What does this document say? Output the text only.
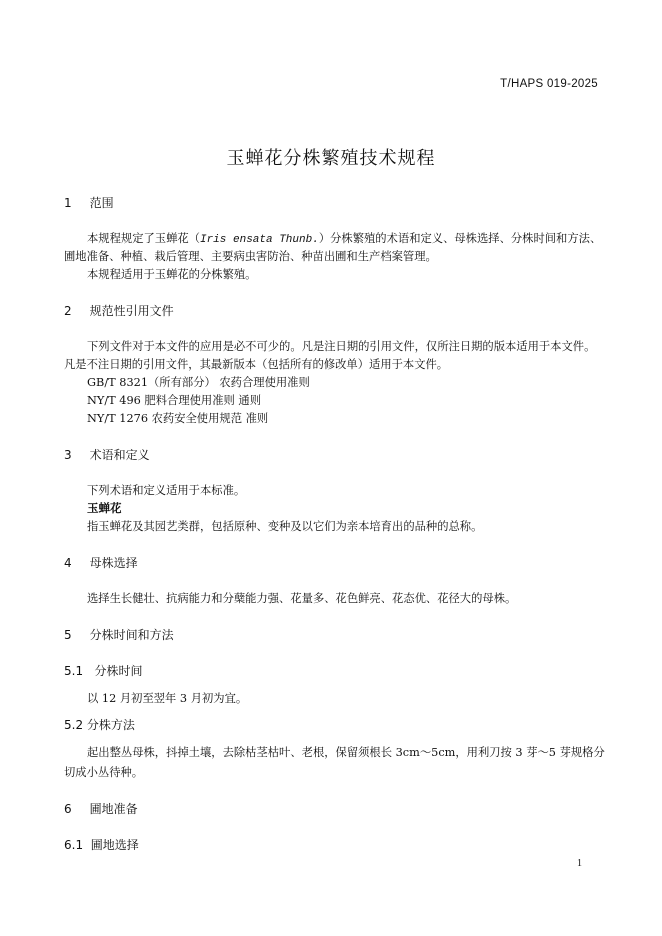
T/HAPS 019-2025
玉蝉花分株繁殖技术规程
1 范围
本规程规定了玉蝉花（Iris ensata Thunb.）分株繁殖的术语和定义、母株选择、分株时间和方法、
圃地准备、种植、栽后管理、主要病虫害防治、种苗出圃和生产档案管理。
本规程适用于玉蝉花的分株繁殖。
2 规范性引用文件
下列文件对于本文件的应用是必不可少的。凡是注日期的引用文件，仅所注日期的版本适用于本文件。
凡是不注日期的引用文件，其最新版本（包括所有的修改单）适用于本文件。
GB/T 8321（所有部分） 农药合理使用准则
NY/T 496 肥料合理使用准则 通则
NY/T 1276 农药安全使用规范 准则
3 术语和定义
下列术语和定义适用于本标准。
玉蝉花
指玉蝉花及其园艺类群，包括原种、变种及以它们为亲本培育出的品种的总称。
4 母株选择
选择生长健壮、抗病能力和分蘖能力强、花量多、花色鲜亮、花态优、花径大的母株。
5 分株时间和方法
5.1 分株时间
以 12 月初至翌年 3 月初为宜。
5.2 分株方法
起出整丛母株，抖掉土壤，去除枯茎枯叶、老根，保留须根长 3cm～5cm，用利刀按 3 芽～5 芽规格分
切成小丛待种。
6 圃地准备
6.1 圃地选择
1
